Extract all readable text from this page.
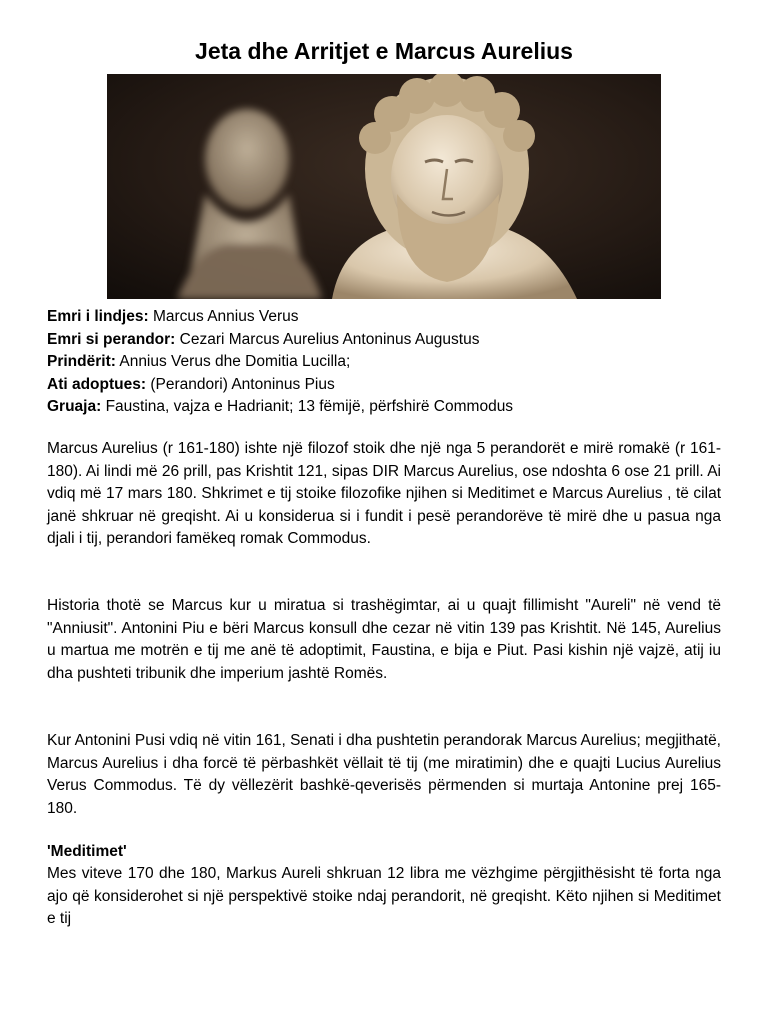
Jeta dhe Arritjet e Marcus Aurelius
Emri i lindjes: Marcus Annius Verus
Emri si perandor: Cezari Marcus Aurelius Antoninus Augustus
Prindërit: Annius Verus dhe Domitia Lucilla;
Ati adoptues: (Perandori) Antoninus Pius
Gruaja: Faustina, vajza e Hadrianit; 13 fëmijë, përfshirë Commodus

Marcus Aurelius (r 161-180) ishte një filozof stoik dhe një nga 5 perandorët e mirë romakë (r 161-180). Ai lindi më 26 prill, pas Krishtit 121, sipas DIR Marcus Aurelius, ose ndoshta 6 ose 21 prill. Ai vdiq më 17 mars 180. Shkrimet e tij stoike filozofike njihen si Meditimet e Marcus Aurelius , të cilat janë shkruar në greqisht. Ai u konsiderua si i fundit i pesë perandorëve të mirë dhe u pasua nga djali i tij, perandori famëkeq romak Commodus.

Historia thotë se Marcus kur u miratua si trashëgimtar, ai u quajt fillimisht "Aureli" në vend të "Anniusit". Antonini Piu e bëri Marcus konsull dhe cezar në vitin 139 pas Krishtit. Në 145, Aurelius u martua me motrën e tij me anë të adoptimit, Faustina, e bija e Piut. Pasi kishin një vajzë, atij iu dha pushteti tribunik dhe imperium jashtë Romës.

Kur Antonini Pusi vdiq në vitin 161, Senati i dha pushtetin perandorak Marcus Aurelius; megjithatë, Marcus Aurelius i dha forcë të përbashkët vëllait të tij (me miratimin) dhe e quajti Lucius Aurelius Verus Commodus. Të dy vëllezërit bashkë-qeverisës përmenden si murtaja Antonine prej 165-180.

'Meditimet'

Mes viteve 170 dhe 180, Markus Aureli shkruan 12 libra me vëzhgime përgjithësisht të forta nga ajo që konsiderohet si një perspektivë stoike ndaj perandorit, në greqisht. Këto njihen si Meditimet e tij
